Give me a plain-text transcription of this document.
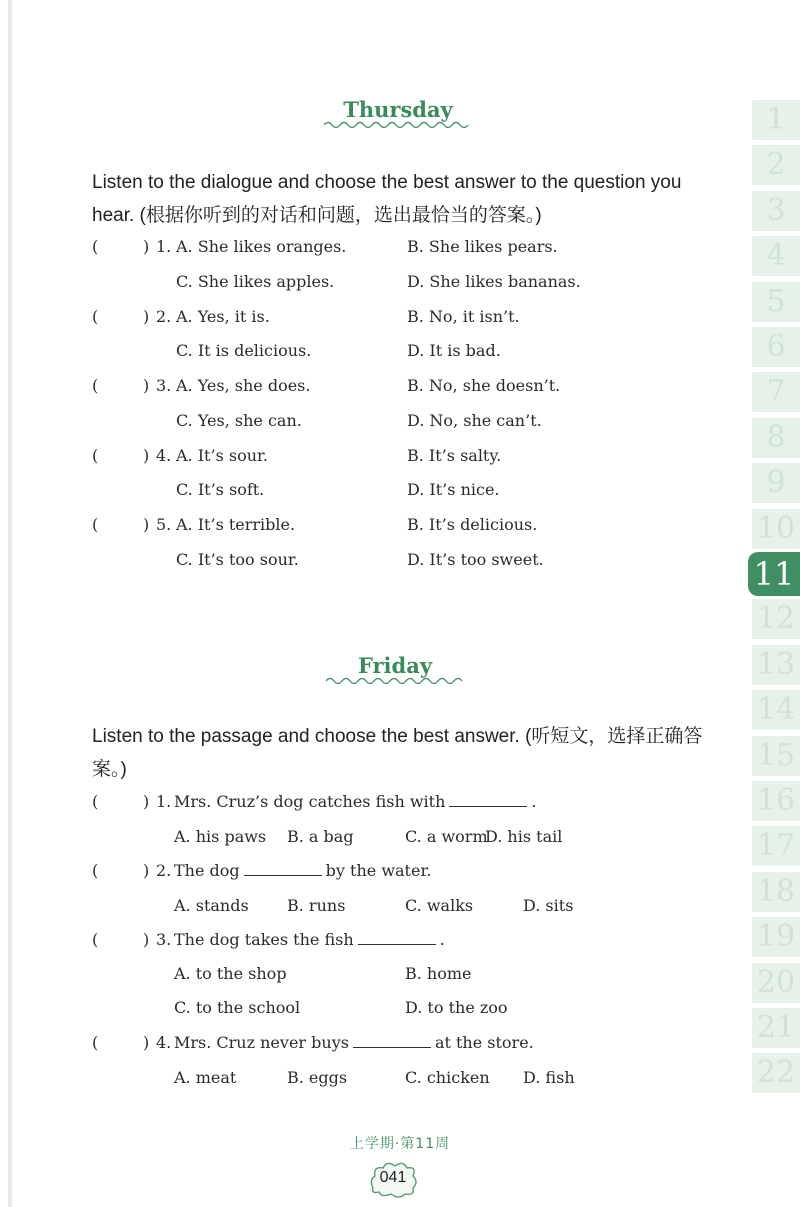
Thursday
Listen to the dialogue and choose the best answer to the question you hear. (根据你听到的对话和问题，选出最恰当的答案。)
(	) 1. A. She likes oranges.	B. She likes pears.
C. She likes apples.	D. She likes bananas.
(	) 2. A. Yes, it is.	B. No, it isn’t.
C. It is delicious.	D. It is bad.
(	) 3. A. Yes, she does.	B. No, she doesn’t.
C. Yes, she can.	D. No, she can’t.
(	) 4. A. It’s sour.	B. It’s salty.
C. It’s soft.	D. It’s nice.
(	) 5. A. It’s terrible.	B. It’s delicious.
C. It’s too sour.	D. It’s too sweet.
Friday
Listen to the passage and choose the best answer. (听短文，选择正确答案。)
(	) 1. Mrs. Cruz’s dog catches fish with	.
A. his paws B. a bag	C. a worm
D. his tail
(	) 2. The dog	by the water.
A. stands B. runs	C. walks	D. sits
(	) 3. The dog takes the fish	.
A. to the shop	B. home
C. to the school	D. to the zoo
(	) 4. Mrs. Cruz never buys	at the store.
A. meat	B. eggs	C. chicken D. fish
1
2
3
4
5
6
7
8
9
10
11
12
13
14
15
16
17
18
19
20
21
22
上学期·第11周
041
